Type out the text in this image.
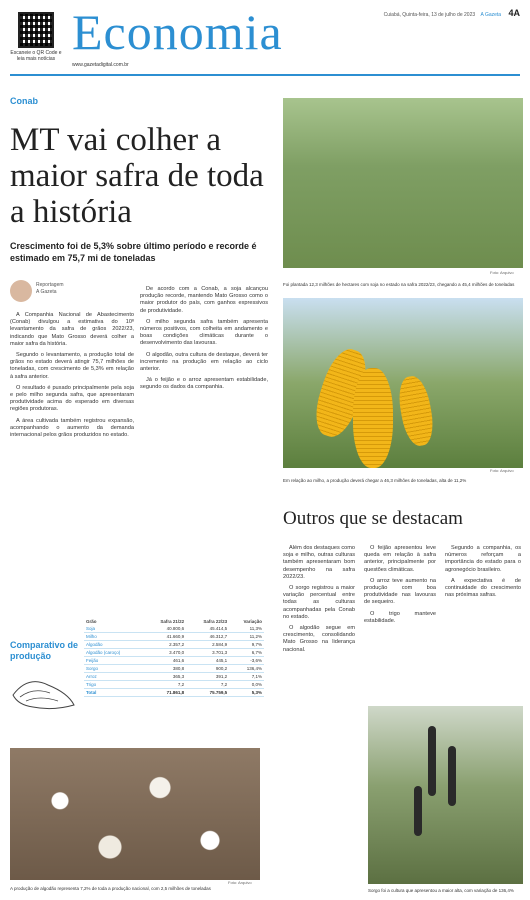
Escaneie o QR Code e leia mais notícias Economia	Cuiabá, Quinta-feira, 13 de julho de 2023 A Gazeta 4A
www.gazetadigital.com.br
Conab
MT vai colher a maior safra de toda a história
Crescimento foi de 5,3% sobre último período e recorde é estimado em 75,7 mi de toneladas
Reportagem
A Gazeta

A Companhia Nacional de Abastecimento (Conab) divulgou a estimativa do 10º levantamento da safra de grãos 2022/23, indicando que Mato Grosso deverá colher a maior safra da história.

Segundo o levantamento, a produção total de grãos no estado deverá atingir 75,7 milhões de toneladas, com crescimento de 5,3% em relação à safra anterior.

O resultado é puxado principalmente pela soja e pelo milho segunda safra, que apresentaram produtividade acima do esperado em diversas regiões produtoras.

A área cultivada também registrou expansão, acompanhando o aumento da demanda internacional pelos grãos produzidos no estado.

De acordo com a Conab, a soja alcançou produção recorde, mantendo Mato Grosso como o maior produtor do país, com ganhos expressivos de produtividade.

O milho segunda safra também apresenta números positivos, com colheita em andamento e boas condições climáticas durante o desenvolvimento das lavouras.

O algodão, outra cultura de destaque, deverá ter incremento na produção em relação ao ciclo anterior.

Já o feijão e o arroz apresentam estabilidade, segundo os dados da companhia.

Comparativo de produção
Grão	Safra 21/22	Safra 22/23	Variação
Soja	40.800,6	45.414,5	11,3%
Milho	41.660,9	46.312,7	11,2%
Algodão	2.357,2	2.584,9	9,7%
Algodão (caroço)	3.470,0	3.701,3	6,7%
Feijão	461,6	445,1	-3,6%
Sorgo	380,8	900,2	136,4%
Arroz	365,3	391,2	7,1%
Trigo	7,2	7,2	0,0%
Total	71.861,8	75.759,5	5,3%
Foto: Arquivo
Foi plantada 12,3 milhões de hectares com soja no estado na safra 2022/23, chegando a 45,4 milhões de toneladas
Foto: Arquivo
Em relação ao milho, a produção deverá chegar a 46,3 milhões de toneladas, alta de 11,2%
Outros que se destacam

Além dos destaques como soja e milho, outras culturas também apresentaram bom desempenho na safra 2022/23.

O sorgo registrou a maior variação percentual entre todas as culturas acompanhadas pela Conab no estado.

O algodão segue em crescimento, consolidando Mato Grosso na liderança nacional.

O feijão apresentou leve queda em relação à safra anterior, principalmente por questões climáticas.

O arroz teve aumento na produção com boa produtividade nas lavouras de sequeiro.

O trigo manteve estabilidade.

Segundo a companhia, os números reforçam a importância do estado para o agronegócio brasileiro.

A expectativa é de continuidade do crescimento nas próximas safras.

Foto: Arquivo
A produção de algodão representa 7,2% de toda a produção nacional, com 2,5 milhões de toneladas	Sorgo foi a cultura que apresentou a maior alta, com variação de 136,4%
